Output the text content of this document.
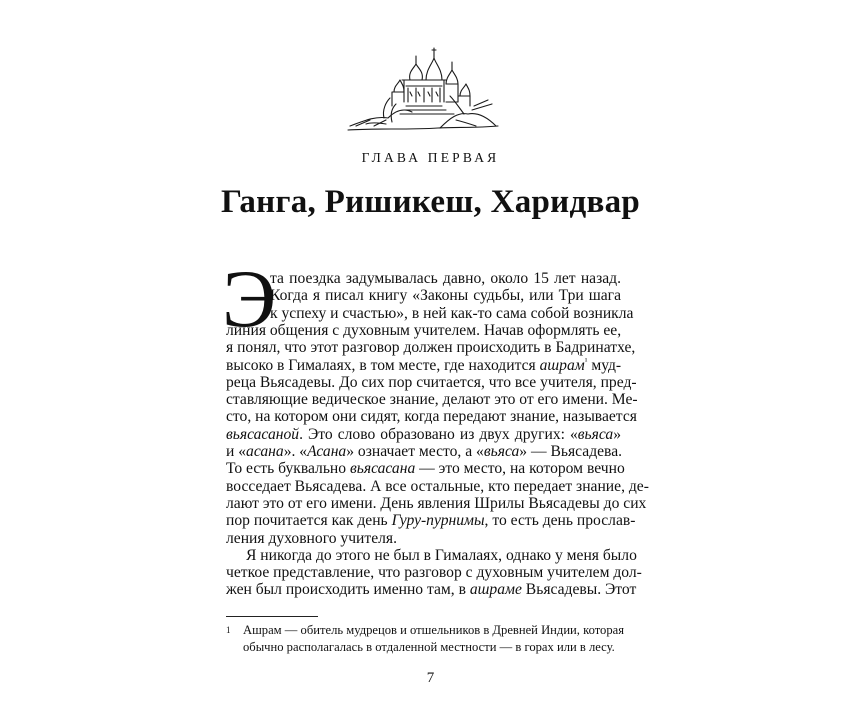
ГЛАВА ПЕРВАЯ
Ганга, Ришикеш, Харидвар
Э
та поездка задумывалась давно, около 15 лет назад.
Когда я писал книгу «Законы судьбы, или Три шага
к успеху и счастью», в ней как-то сама собой возникла
линия общения с духовным учителем. Начав оформлять ее,
я понял, что этот разговор должен происходить в Бадринатхе,
высоко в Гималаях, в том месте, где находится ашрам$^{^1}$ муд-
реца Вьясадевы. До сих пор считается, что все учителя, пред-
ставляющие ведическое знание, делают это от его имени. Ме-
сто, на котором они сидят, когда передают знание, называется
вьясасаной. Это слово образовано из двух других: «вьяса»
и «асана». «Асана» означает место, а «вьяса» — Вьясадева.
То есть буквально вьясасана — это место, на котором вечно
восседает Вьясадева. А все остальные, кто передает знание, де-
лают это от его имени. День явления Шрилы Вьясадевы до сих
пор почитается как день Гуру-пурнимы, то есть день прослав-
ления духовного учителя.
Я никогда до этого не был в Гималаях, однако у меня было
четкое представление, что разговор с духовным учителем дол-
жен был происходить именно там, в ашраме Вьясадевы. Этот
1 Ашрам — обитель мудрецов и отшельников в Древней Индии, которая
обычно располагалась в отдаленной местности — в горах или в лесу.
7
